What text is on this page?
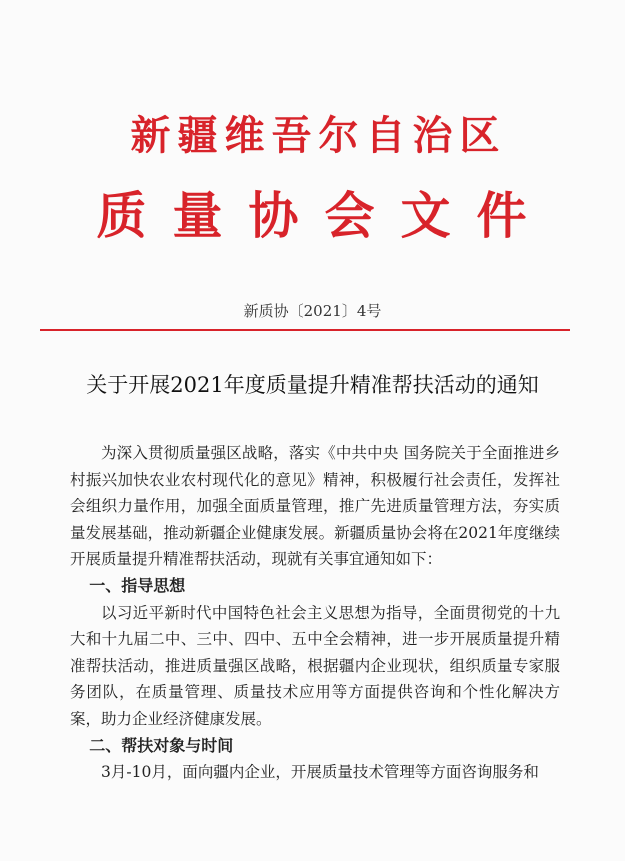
新疆维吾尔自治区
质量协会文件
新质协〔2021〕4号
关于开展2021年度质量提升精准帮扶活动的通知

为深入贯彻质量强区战略，落实《中共中央 国务院关于全面推进乡村振兴加快农业农村现代化的意见》精神，积极履行社会责任，发挥社会组织力量作用，加强全面质量管理，推广先进质量管理方法，夯实质量发展基础，推动新疆企业健康发展。新疆质量协会将在2021年度继续开展质量提升精准帮扶活动，现就有关事宜通知如下：

一、指导思想

以习近平新时代中国特色社会主义思想为指导，全面贯彻党的十九大和十九届二中、三中、四中、五中全会精神，进一步开展质量提升精准帮扶活动，推进质量强区战略，根据疆内企业现状，组织质量专家服务团队，在质量管理、质量技术应用等方面提供咨询和个性化解决方案，助力企业经济健康发展。

二、帮扶对象与时间

3月-10月，面向疆内企业，开展质量技术管理等方面咨询服务和
